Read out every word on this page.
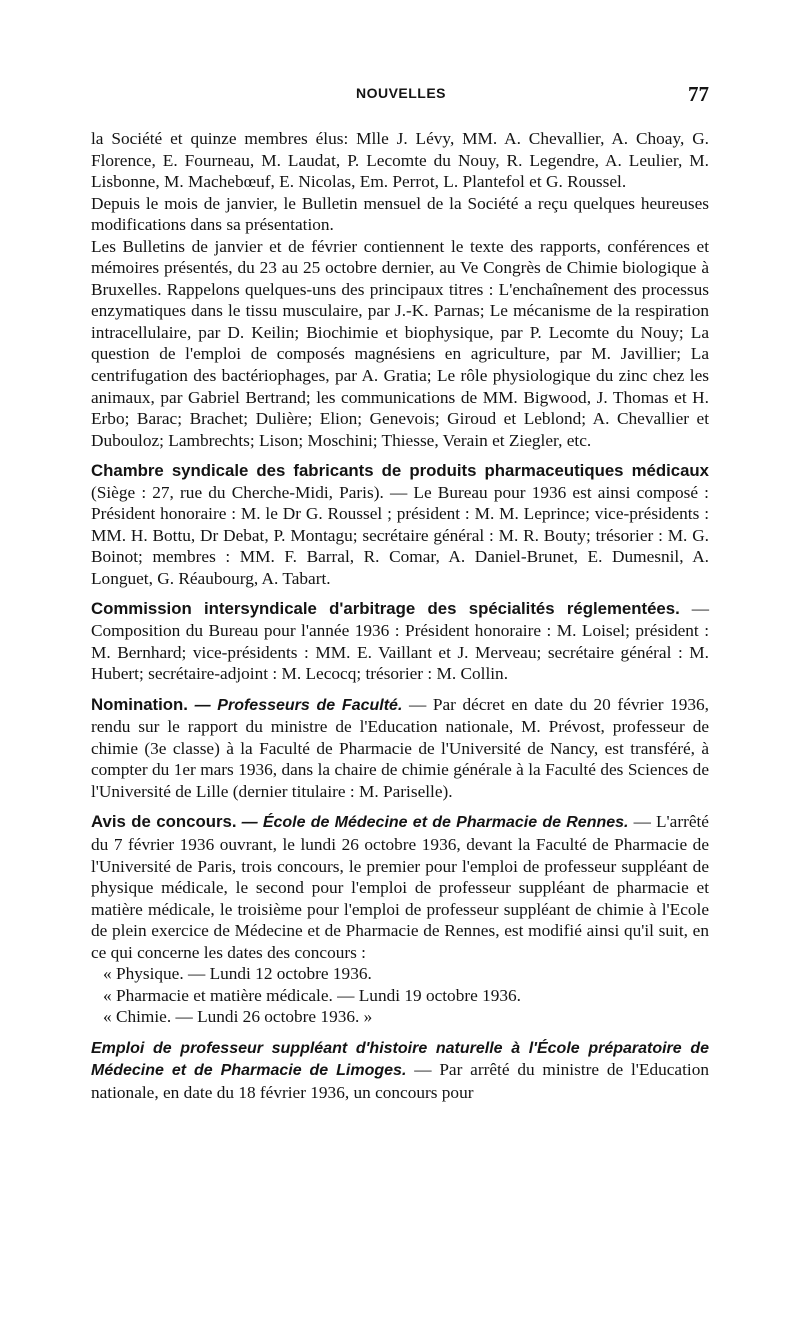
NOUVELLES	77

la Société et quinze membres élus: Mlle J. Lévy, MM. A. Chevallier, A. Choay, G. Florence, E. Fourneau, M. Laudat, P. Lecomte du Nouy, R. Legendre, A. Leulier, M. Lisbonne, M. Machebœuf, E. Nicolas, Em. Perrot, L. Plantefol et G. Roussel.

Depuis le mois de janvier, le Bulletin mensuel de la Société a reçu quelques heureuses modifications dans sa présentation.

Les Bulletins de janvier et de février contiennent le texte des rapports, conférences et mémoires présentés, du 23 au 25 octobre dernier, au Ve Congrès de Chimie biologique à Bruxelles. Rappelons quelques-uns des principaux titres : L'enchaînement des processus enzymatiques dans le tissu musculaire, par J.-K. Parnas; Le mécanisme de la respiration intracellulaire, par D. Keilin; Biochimie et biophysique, par P. Lecomte du Nouy; La question de l'emploi de composés magnésiens en agriculture, par M. Javillier; La centrifugation des bactériophages, par A. Gratia; Le rôle physiologique du zinc chez les animaux, par Gabriel Bertrand; les communications de MM. Bigwood, J. Thomas et H. Erbo; Barac; Brachet; Dulière; Elion; Genevois; Giroud et Leblond; A. Chevallier et Dubouloz; Lambrechts; Lison; Moschini; Thiesse, Verain et Ziegler, etc.

Chambre syndicale des fabricants de produits pharmaceutiques médicaux (Siège : 27, rue du Cherche-Midi, Paris). — Le Bureau pour 1936 est ainsi composé : Président honoraire : M. le Dr G. Roussel ; président : M. M. Leprince; vice-présidents : MM. H. Bottu, Dr Debat, P. Montagu; secrétaire général : M. R. Bouty; trésorier : M. G. Boinot; membres : MM. F. Barral, R. Comar, A. Daniel-Brunet, E. Dumesnil, A. Longuet, G. Réaubourg, A. Tabart.

Commission intersyndicale d'arbitrage des spécialités réglementées. — Composition du Bureau pour l'année 1936 : Président honoraire : M. Loisel; président : M. Bernhard; vice-présidents : MM. E. Vaillant et J. Merveau; secrétaire général : M. Hubert; secrétaire-adjoint : M. Lecocq; trésorier : M. Collin.

Nomination. — Professeurs de Faculté. — Par décret en date du 20 février 1936, rendu sur le rapport du ministre de l'Education nationale, M. Prévost, professeur de chimie (3e classe) à la Faculté de Pharmacie de l'Université de Nancy, est transféré, à compter du 1er mars 1936, dans la chaire de chimie générale à la Faculté des Sciences de l'Université de Lille (dernier titulaire : M. Pariselle).

Avis de concours. — École de Médecine et de Pharmacie de Rennes. — L'arrêté du 7 février 1936 ouvrant, le lundi 26 octobre 1936, devant la Faculté de Pharmacie de l'Université de Paris, trois concours, le premier pour l'emploi de professeur suppléant de physique médicale, le second pour l'emploi de professeur suppléant de pharmacie et matière médicale, le troisième pour l'emploi de professeur suppléant de chimie à l'Ecole de plein exercice de Médecine et de Pharmacie de Rennes, est modifié ainsi qu'il suit, en ce qui concerne les dates des concours :

« Physique. — Lundi 12 octobre 1936.

« Pharmacie et matière médicale. — Lundi 19 octobre 1936.

« Chimie. — Lundi 26 octobre 1936. »

Emploi de professeur suppléant d'histoire naturelle à l'École préparatoire de Médecine et de Pharmacie de Limoges. — Par arrêté du ministre de l'Education nationale, en date du 18 février 1936, un concours pour
